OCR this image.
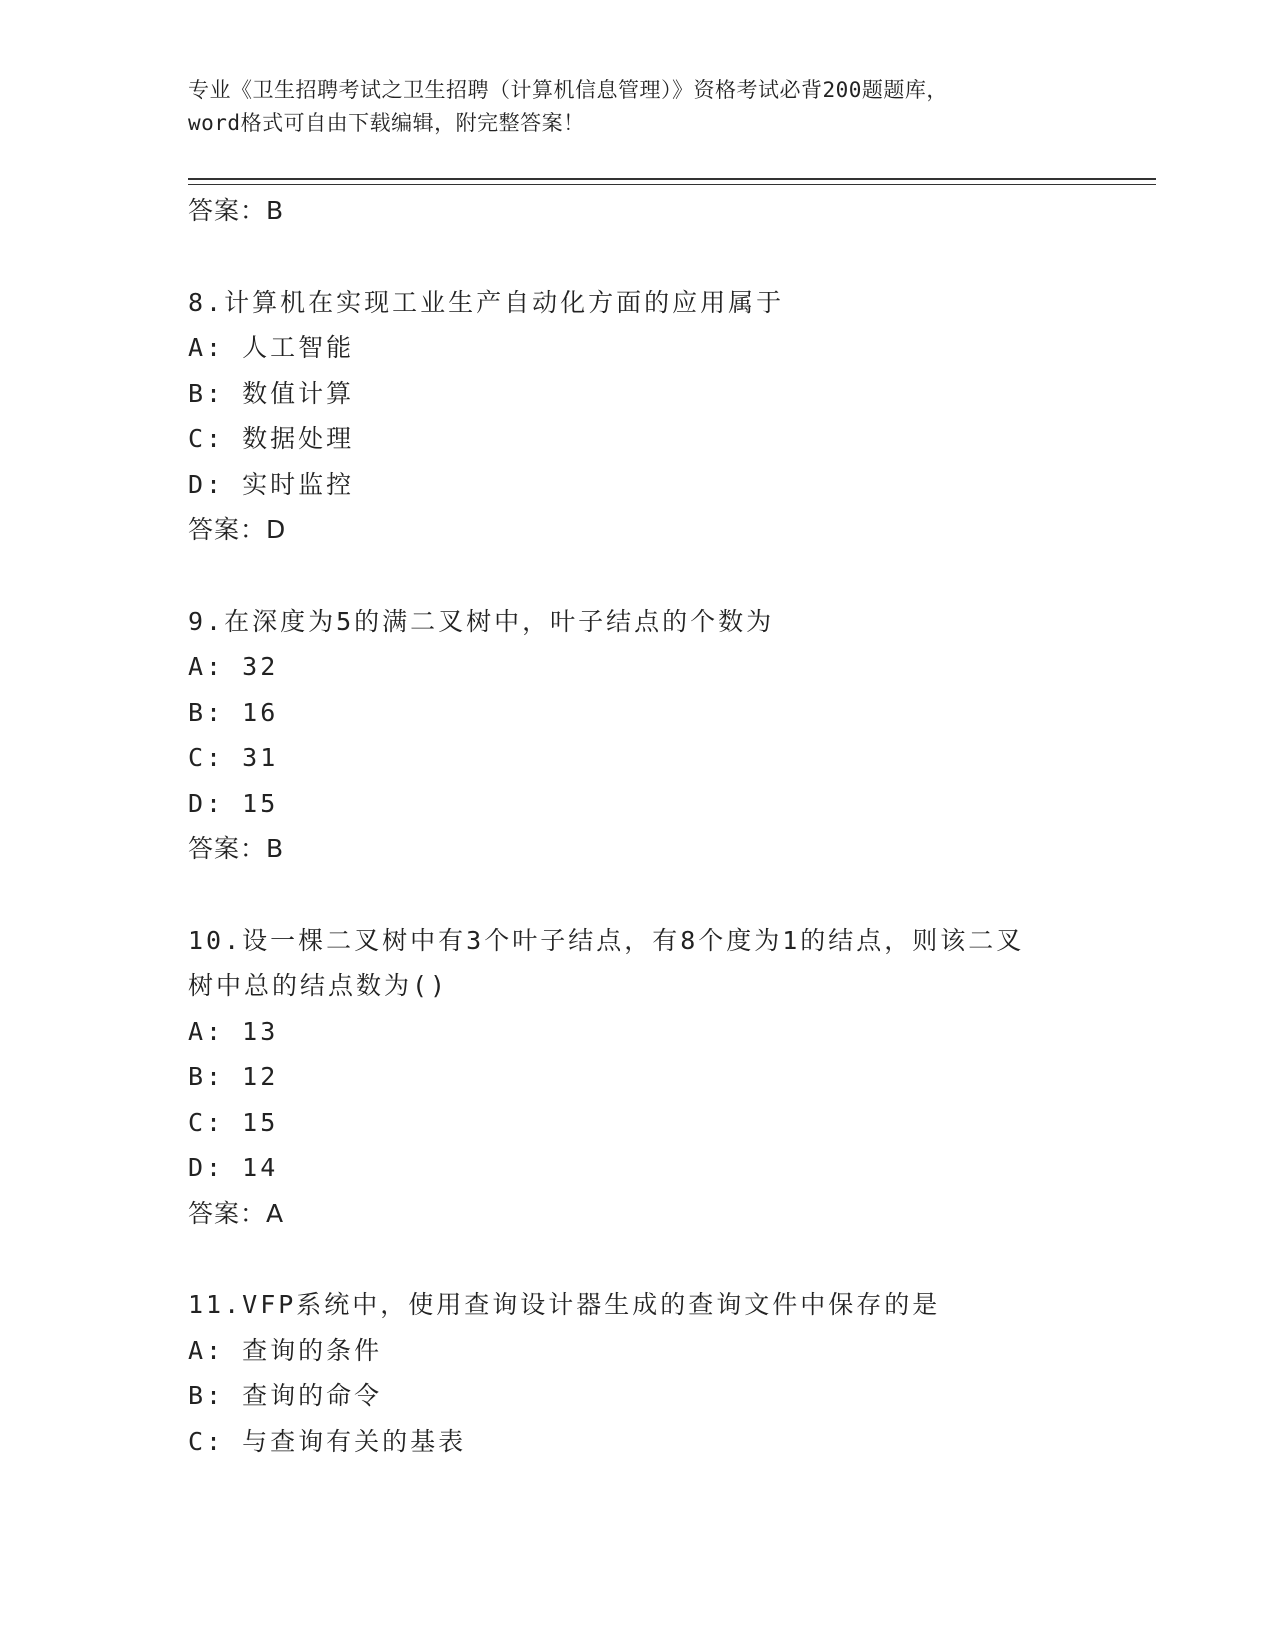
专业《卫生招聘考试之卫生招聘（计算机信息管理）》资格考试必背200题题库，
word格式可自由下载编辑，附完整答案！
答案：B
8.计算机在实现工业生产自动化方面的应用属于
A: 人工智能
B: 数值计算
C: 数据处理
D: 实时监控
答案：D
9.在深度为5的满二叉树中，叶子结点的个数为
A: 32
B: 16
C: 31
D: 15
答案：B
10.设一棵二叉树中有3个叶子结点，有8个度为1的结点，则该二叉
树中总的结点数为()
A: 13
B: 12
C: 15
D: 14
答案：A
11.VFP系统中，使用查询设计器生成的查询文件中保存的是
A: 查询的条件
B: 查询的命令
C: 与查询有关的基表
